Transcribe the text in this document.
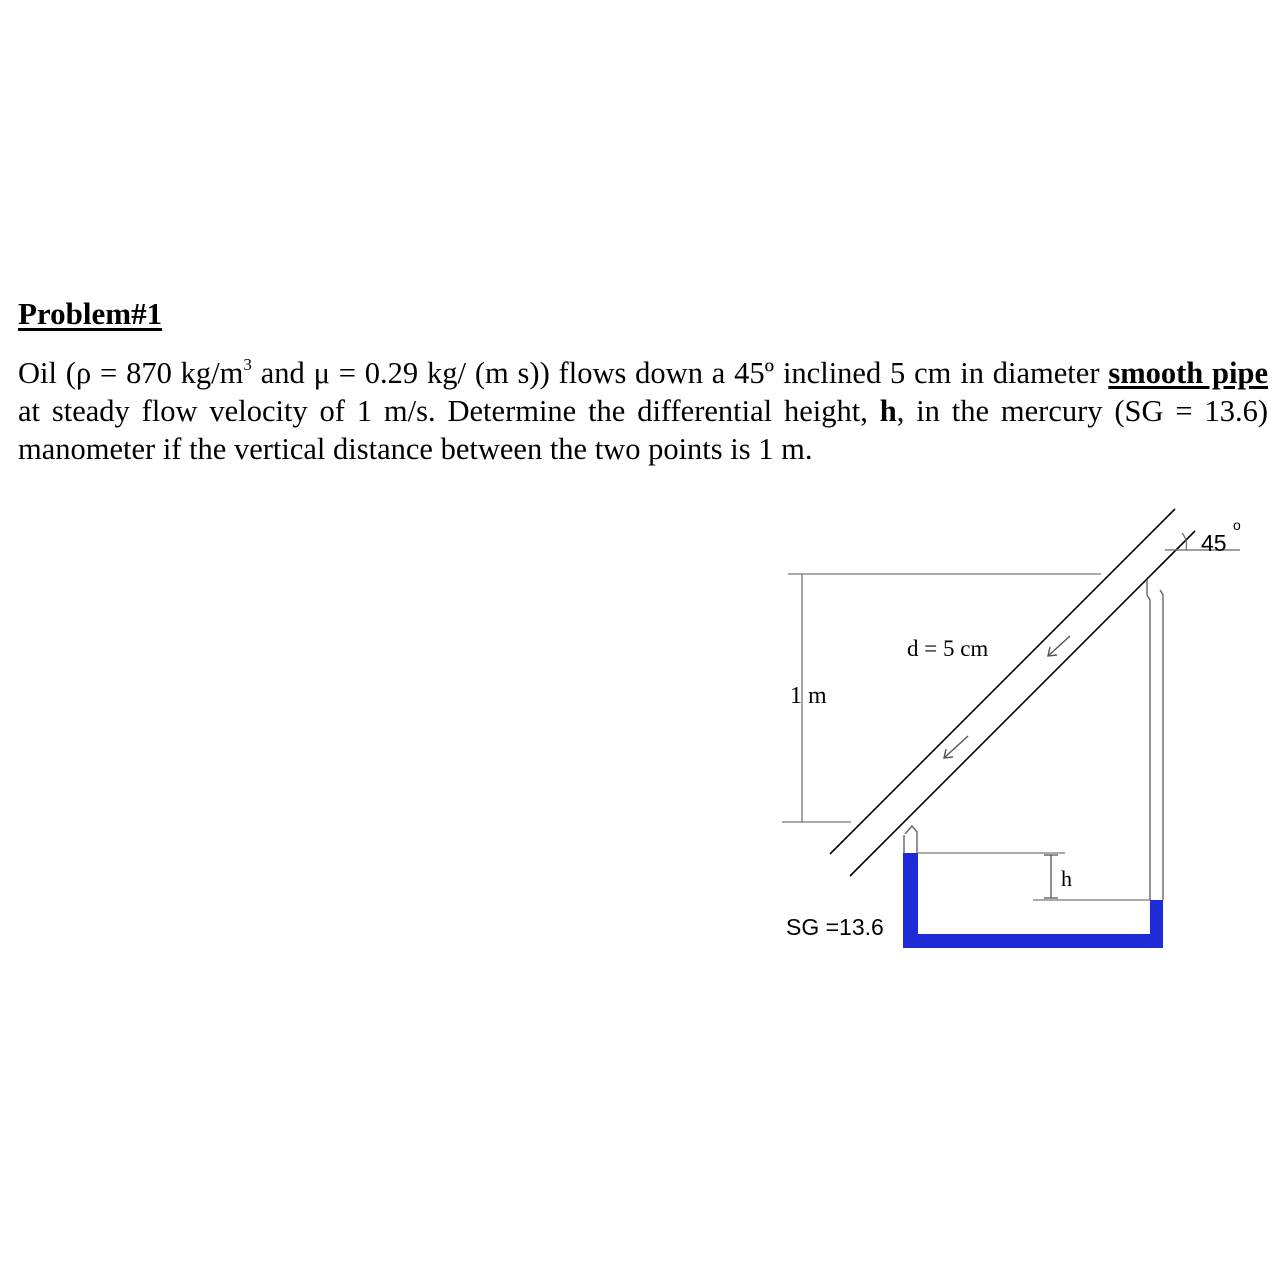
Problem#1

Oil (ρ = 870 $kg/m^3$ and μ = 0.29 kg/ (m s)) flows down a 45º inclined 5 cm in diameter smooth pipe at steady flow velocity of 1 m/s. Determine the differential height, h, in the mercury (SG = 13.6) manometer if the vertical distance between the two points is 1 m.

45
o
1 m
d = 5 cm
h
SG =13.6
